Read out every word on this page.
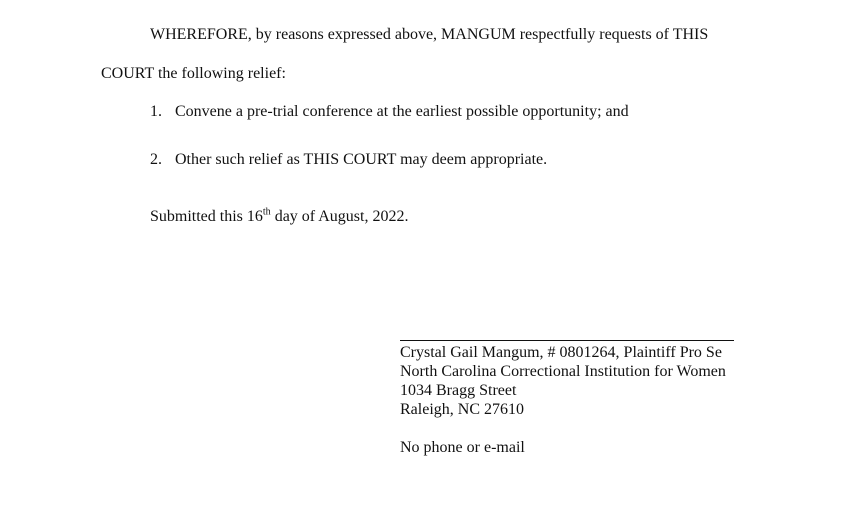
WHEREFORE, by reasons expressed above, MANGUM respectfully requests of THIS
COURT the following relief:
1. Convene a pre-trial conference at the earliest possible opportunity; and
2. Other such relief as THIS COURT may deem appropriate.
Submitted this 16th day of August, 2022.
Crystal Gail Mangum, # 0801264, Plaintiff Pro Se
North Carolina Correctional Institution for Women
1034 Bragg Street
Raleigh, NC 27610
No phone or e-mail
